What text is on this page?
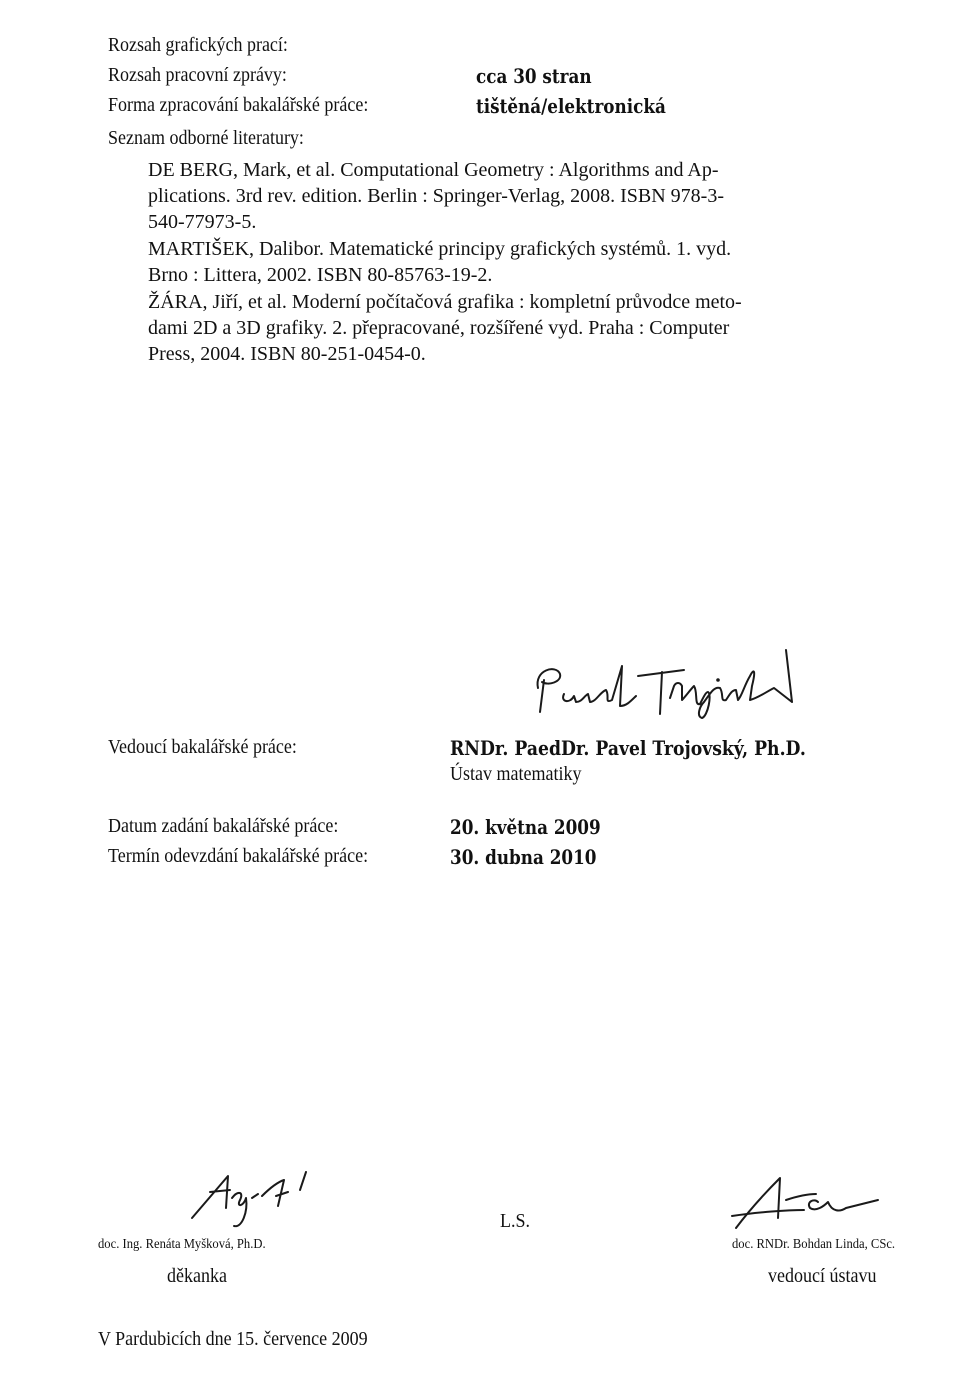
Rozsah grafických prací:
Rozsah pracovní zprávy:	cca 30 stran
Forma zpracování bakalářské práce:	tištěná/elektronická
Seznam odborné literatury:
DE BERG, Mark, et al. Computational Geometry : Algorithms and Ap-
plications. 3rd rev. edition. Berlin : Springer-Verlag, 2008. ISBN 978-3-
540-77973-5.
MARTIŠEK, Dalibor. Matematické principy grafických systémů. 1. vyd.
Brno : Littera, 2002. ISBN 80-85763-19-2.
ŽÁRA, Jiří, et al. Moderní počítačová grafika : kompletní průvodce meto-
dami 2D a 3D grafiky. 2. přepracované, rozšířené vyd. Praha : Computer
Press, 2004. ISBN 80-251-0454-0.
Vedoucí bakalářské práce:	RNDr. PaedDr. Pavel Trojovský, Ph.D.
Ústav matematiky
Datum zadání bakalářské práce:	20. května 2009
Termín odevzdání bakalářské práce:	30. dubna 2010
doc. Ing. Renáta Myšková, Ph.D.
děkanka
L.S.
doc. RNDr. Bohdan Linda, CSc.
vedoucí ústavu
V Pardubicích dne 15. července 2009
